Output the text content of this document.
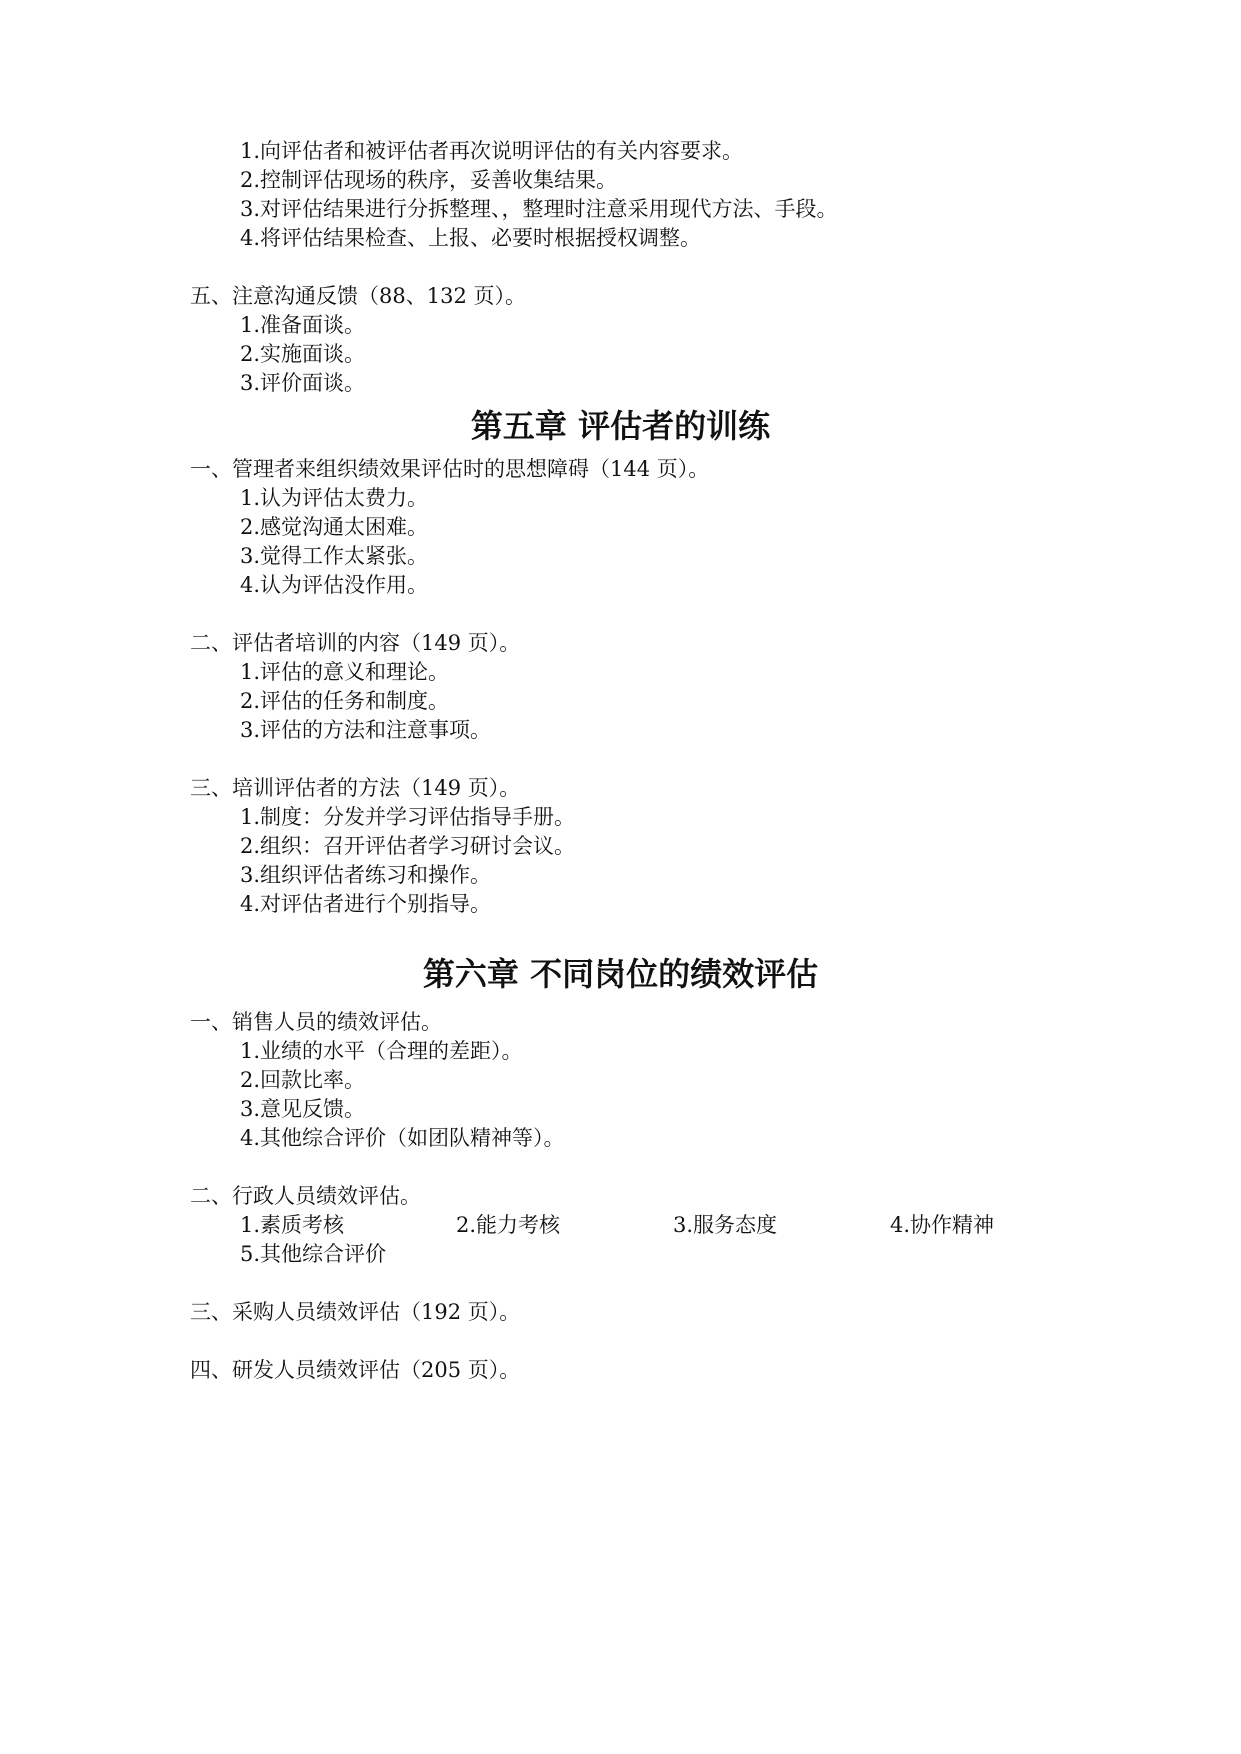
1.向评估者和被评估者再次说明评估的有关内容要求。
2.控制评估现场的秩序，妥善收集结果。
3.对评估结果进行分拆整理、，整理时注意采用现代方法、手段。
4.将评估结果检查、上报、必要时根据授权调整。
五、注意沟通反馈（88、132 页）。
1.准备面谈。
2.实施面谈。
3.评价面谈。
第五章 评估者的训练
一、管理者来组织绩效果评估时的思想障碍（144 页）。
1.认为评估太费力。
2.感觉沟通太困难。
3.觉得工作太紧张。
4.认为评估没作用。
二、评估者培训的内容（149 页）。
1.评估的意义和理论。
2.评估的任务和制度。
3.评估的方法和注意事项。
三、培训评估者的方法（149 页）。
1.制度：分发并学习评估指导手册。
2.组织：召开评估者学习研讨会议。
3.组织评估者练习和操作。
4.对评估者进行个别指导。
第六章 不同岗位的绩效评估
一、销售人员的绩效评估。
1.业绩的水平（合理的差距）。
2.回款比率。
3.意见反馈。
4.其他综合评价（如团队精神等）。
二、行政人员绩效评估。
1.素质考核	2.能力考核	3.服务态度	4.协作精神
5.其他综合评价
三、采购人员绩效评估（192 页）。
四、研发人员绩效评估（205 页）。
